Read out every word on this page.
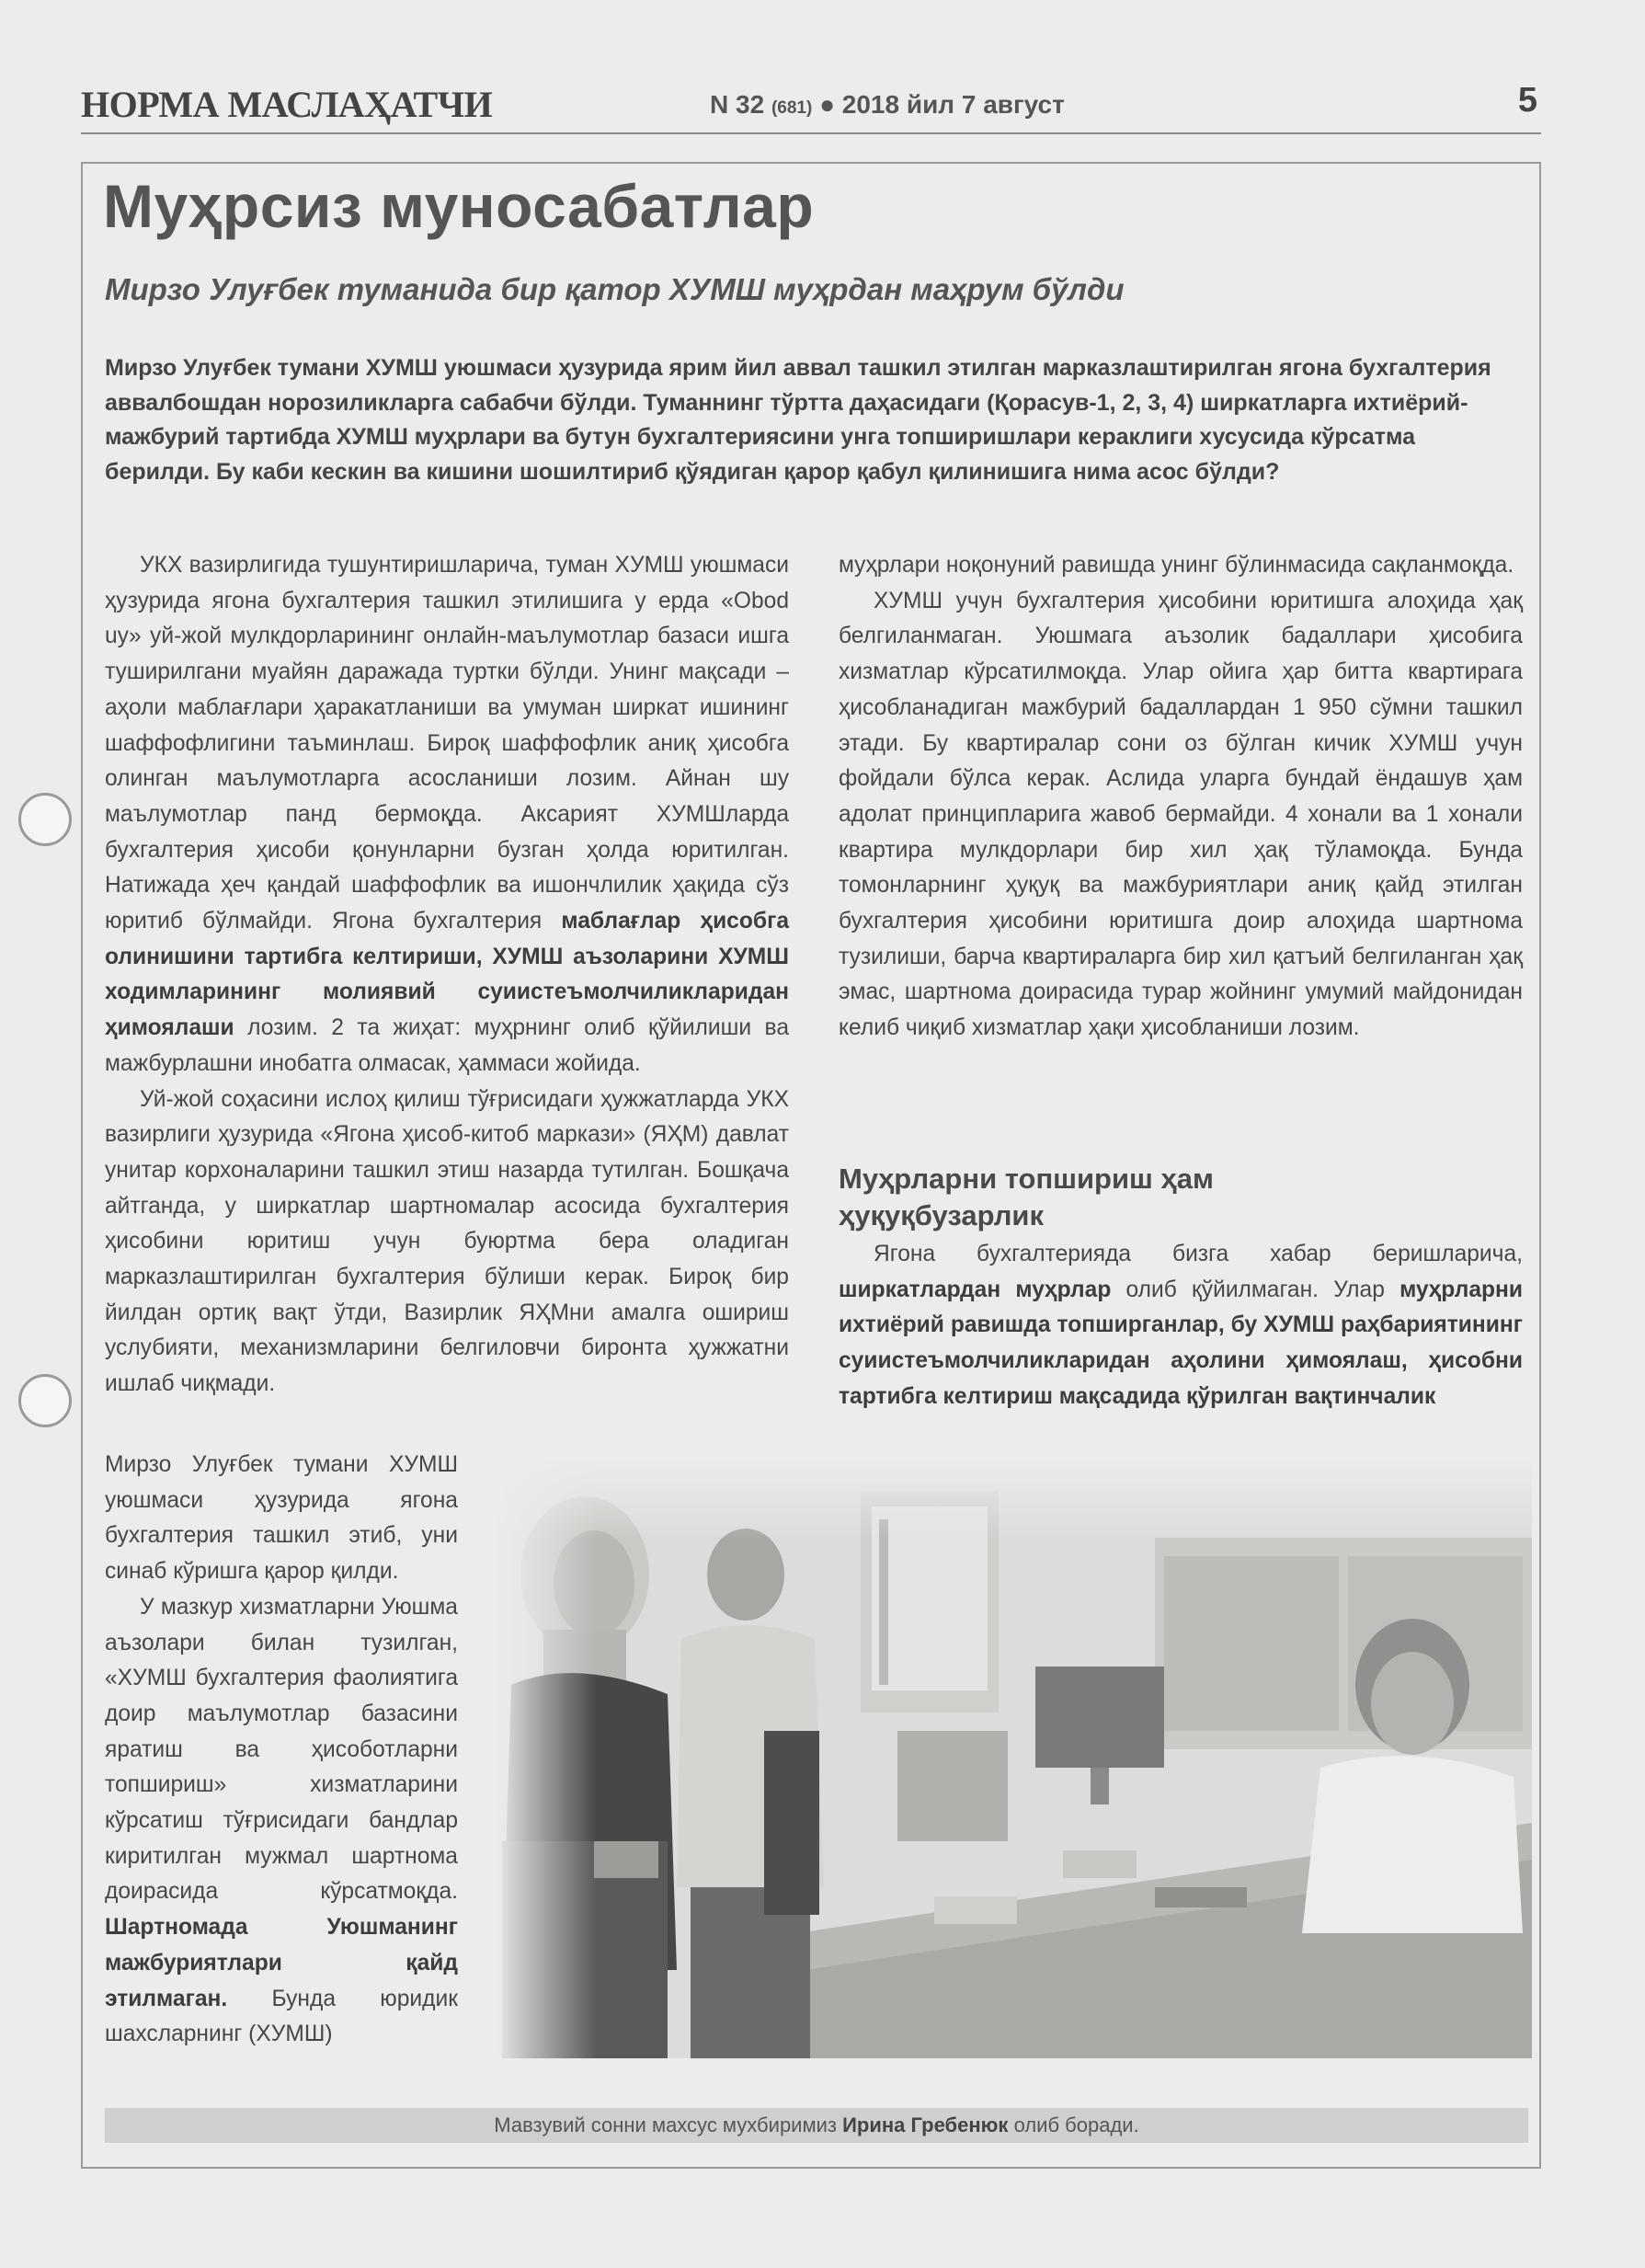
НОРМА МАСЛАҲАТЧИ	N 32 (681) ● 2018 йил 7 август	5
Муҳрсиз муносабатлар
Мирзо Улуғбек туманида бир қатор ХУМШ муҳрдан маҳрум бўлди

Мирзо Улуғбек тумани ХУМШ уюшмаси ҳузурида ярим йил аввал ташкил этилган марказлаштирилган ягона бухгалтерия аввалбошдан норозиликларга сабабчи бўлди. Туманнинг тўртта даҳасидаги (Қорасув-1, 2, 3, 4) ширкатларга ихтиёрий-мажбурий тартибда ХУМШ муҳрлари ва бутун бухгалтериясини унга топширишлари кераклиги хусусида кўрсатма берилди. Бу каби кескин ва кишини шошилтириб қўядиган қарор қабул қилинишига нима асос бўлди?

УКХ вазирлигида тушунтиришларича, туман ХУМШ уюшмаси ҳузурида ягона бухгалтерия ташкил этилишига у ерда «Obod uy» уй-жой мулкдорларининг онлайн-маълумотлар базаси ишга туширилгани муайян даражада туртки бўлди. Унинг мақсади – аҳоли маблағлари ҳаракатланиши ва умуман ширкат ишининг шаффофлигини таъминлаш. Бироқ шаффофлик аниқ ҳисобга олинган маълумотларга асосланиши лозим. Айнан шу маълумотлар панд бермоқда. Аксарият ХУМШларда бухгалтерия ҳисоби қонунларни бузган ҳолда юритилган. Натижада ҳеч қандай шаффофлик ва ишончлилик ҳақида сўз юритиб бўлмайди. Ягона бухгалтерия маблағлар ҳисобга олинишини тартибга келтириши, ХУМШ аъзоларини ХУМШ ходимларининг молиявий суиистеъмолчиликларидан ҳимоялаши лозим. 2 та жиҳат: муҳрнинг олиб қўйилиши ва мажбурлашни инобатга олмасак, ҳаммаси жойида.

Уй-жой соҳасини ислоҳ қилиш тўғрисидаги ҳужжатларда УКХ вазирлиги ҳузурида «Ягона ҳисоб-китоб маркази» (ЯҲМ) давлат унитар корхоналарини ташкил этиш назарда тутилган. Бошқача айтганда, у ширкатлар шартномалар асосида бухгалтерия ҳисобини юритиш учун буюртма бера оладиган марказлаштирилган бухгалтерия бўлиши керак. Бироқ бир йилдан ортиқ вақт ўтди, Вазирлик ЯҲМни амалга ошириш услубияти, механизмларини белгиловчи биронта ҳужжатни ишлаб чиқмади.

Мирзо Улуғбек тумани ХУМШ уюшмаси ҳузурида ягона бухгалтерия ташкил этиб, уни синаб кўришга қарор қилди.

У мазкур хизматларни Уюшма аъзолари билан тузилган, «ХУМШ бухгалтерия фаолиятига доир маълумотлар базасини яратиш ва ҳисоботларни топшириш» хизматларини кўрсатиш тўғрисидаги бандлар киритилган мужмал шартнома доирасида кўрсатмоқда. Шартномада Уюшманинг мажбуриятлари қайд этилмаган. Бунда юридик шахсларнинг (ХУМШ)

муҳрлари ноқонуний равишда унинг бўлинмасида сақланмоқда.

ХУМШ учун бухгалтерия ҳисобини юритишга алоҳида ҳақ белгиланмаган. Уюшмага аъзолик бадаллари ҳисобига хизматлар кўрсатилмоқда. Улар ойига ҳар битта квартирага ҳисобланадиган мажбурий бадаллардан 1 950 сўмни ташкил этади. Бу квартиралар сони оз бўлган кичик ХУМШ учун фойдали бўлса керак. Аслида уларга бундай ёндашув ҳам адолат принципларига жавоб бермайди. 4 хонали ва 1 хонали квартира мулкдорлари бир хил ҳақ тўламоқда. Бунда томонларнинг ҳуқуқ ва мажбуриятлари аниқ қайд этилган бухгалтерия ҳисобини юритишга доир алоҳида шартнома тузилиши, барча квартираларга бир хил қатъий белгиланган ҳақ эмас, шартнома доирасида турар жойнинг умумий майдонидан келиб чиқиб хизматлар ҳақи ҳисобланиши лозим.

Муҳрларни топшириш ҳам
ҳуқуқбузарлик

Ягона бухгалтерияда бизга хабар беришларича, ширкатлардан муҳрлар олиб қўйилмаган. Улар муҳрларни ихтиёрий равишда топширганлар, бу ХУМШ раҳбариятининг суиистеъмолчиликларидан аҳолини ҳимоялаш, ҳисобни тартибга келтириш мақсадида қўрилган вақтинчалик

Мавзувий сонни махсус мухбиримиз Ирина Гребенюк олиб боради.
